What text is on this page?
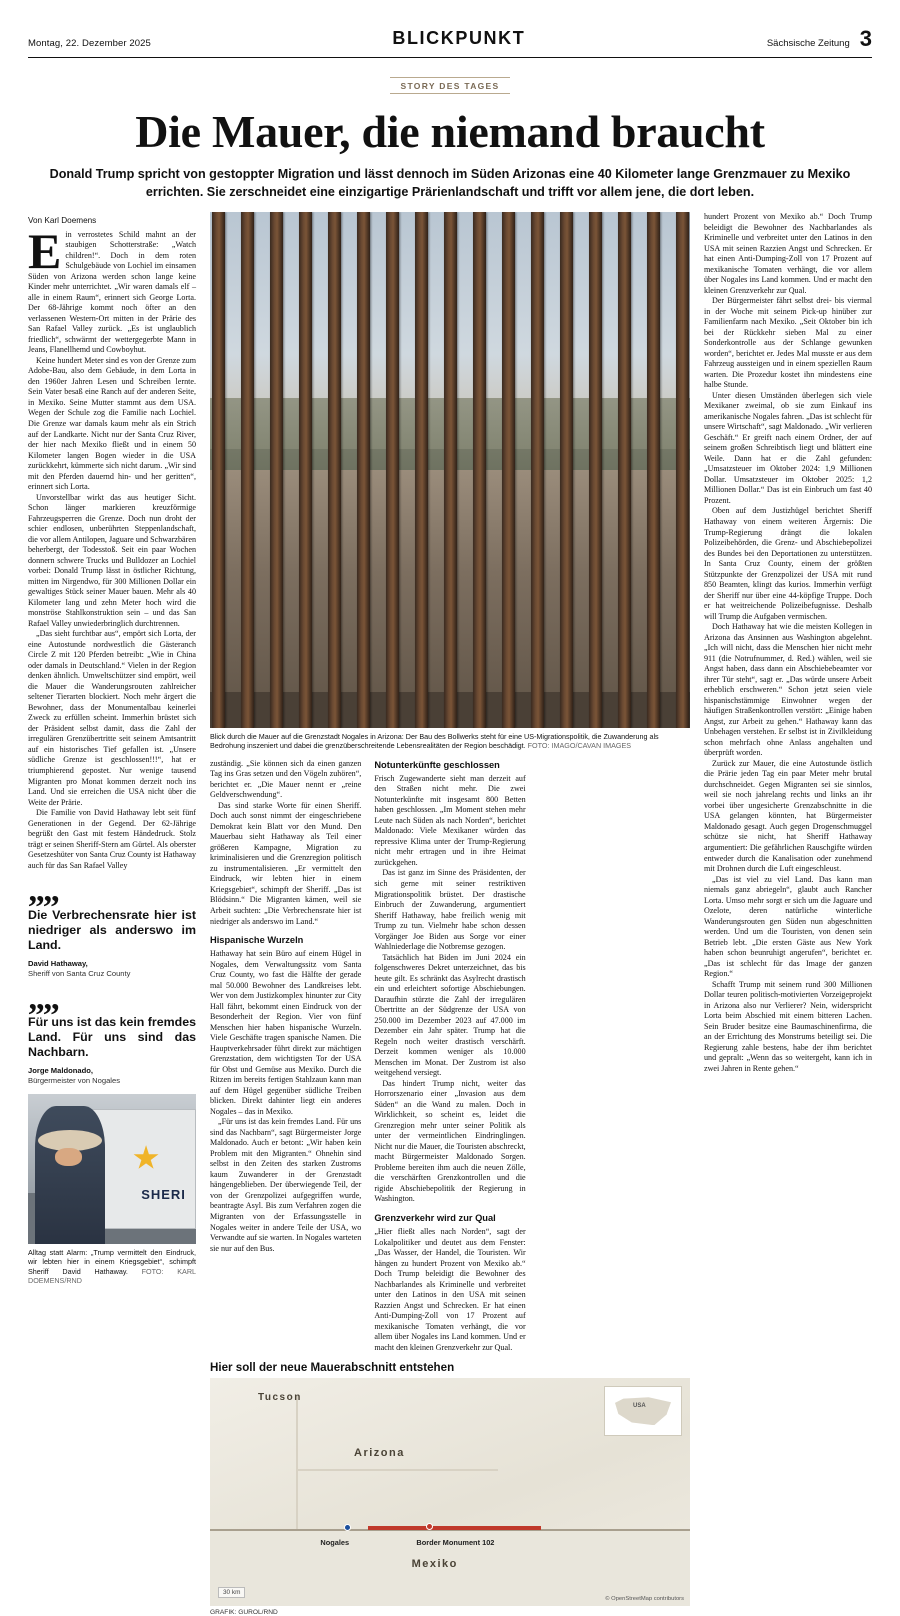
Montag, 22. Dezember 2025	BLICKPUNKT	Sächsische Zeitung 3
STORY DES TAGES
Die Mauer, die niemand braucht
Donald Trump spricht von gestoppter Migration und lässt dennoch im Süden Arizonas eine 40 Kilometer lange Grenzmauer zu Mexiko errichten. Sie zerschneidet eine einzigartige Prärienlandschaft und trifft vor allem jene, die dort leben.
Von Karl Doemens

Ein verrostetes Schild mahnt an der staubigen Schotterstraße: „Watch children!“. Doch in dem roten Schulgebäude von Lochiel im einsamen Süden von Arizona werden schon lange keine Kinder mehr unterrichtet. „Wir waren damals elf – alle in einem Raum“, erinnert sich George Lorta. Der 68-Jährige kommt noch öfter an den verlassenen Western-Ort mitten in der Prärie des San Rafael Valley zurück. „Es ist unglaublich friedlich“, schwärmt der wettergegerbte Mann in Jeans, Flanellhemd und Cowboyhut.

Keine hundert Meter sind es von der Grenze zum Adobe-Bau, also dem Gebäude, in dem Lorta in den 1960er Jahren Lesen und Schreiben lernte. Sein Vater besaß eine Ranch auf der anderen Seite, in Mexiko. Seine Mutter stammt aus dem USA. Wegen der Schule zog die Familie nach Lochiel. Die Grenze war damals kaum mehr als ein Strich auf der Landkarte. Nicht nur der Santa Cruz River, der hier nach Mexiko fließt und in einem 50 Kilometer langen Bogen wieder in die USA zurückkehrt, kümmerte sich nicht darum. „Wir sind mit den Pferden dauernd hin- und her geritten“, erinnert sich Lorta.

Unvorstellbar wirkt das aus heutiger Sicht. Schon länger markieren kreuzförmige Fahrzeugsperren die Grenze. Doch nun droht der schier endlosen, unberührten Steppenlandschaft, die vor allem Antilopen, Jaguare und Schwarzbären beherbergt, der Todesstoß. Seit ein paar Wochen donnern schwere Trucks und Bulldozer an Lochiel vorbei: Donald Trump lässt in östlicher Richtung, mitten im Nirgendwo, für 300 Millionen Dollar ein gewaltiges Stück seiner Mauer bauen. Mehr als 40 Kilometer lang und zehn Meter hoch wird die monströse Stahlkonstruktion sein – und das San Rafael Valley unwiederbringlich durchtrennen.

„Das sieht furchtbar aus“, empört sich Lorta, der eine Autostunde nordwestlich die Gästeranch Circle Z mit 120 Pferden betreibt: „Wie in China oder damals in Deutschland.“ Vielen in der Region denken ähnlich. Umweltschützer sind empört, weil die Mauer die Wanderungsrouten zahlreicher seltener Tierarten blockiert. Noch mehr ärgert die Bewohner, dass der Monumentalbau keinerlei Zweck zu erfüllen scheint. Immerhin brüstet sich der Präsident selbst damit, dass die Zahl der irregulären Grenzübertritte seit seinem Amtsantritt auf ein historisches Tief gefallen ist. „Unsere südliche Grenze ist geschlossen!!!“, hat er triumphierend gepostet. Nur wenige tausend Migranten pro Monat kommen derzeit noch ins Land. Und sie erreichen die USA nicht über die Weite der Prärie.

Die Familie von David Hathaway lebt seit fünf Generationen in der Gegend. Der 62-Jährige begrüßt den Gast mit festem Händedruck. Stolz trägt er seinen Sheriff-Stern am Gürtel. Als oberster Gesetzeshüter von Santa Cruz County ist Hathaway auch für das San Rafael Valley

„„
Die Verbrechensrate hier ist niedriger als anderswo im Land.
David Hathaway,
Sheriff von Santa Cruz County
„„
Für uns ist das kein fremdes Land. Für uns sind das Nachbarn.
Jorge Maldonado,
Bürgermeister von Nogales
SHERI
Alltag statt Alarm: „Trump vermittelt den Eindruck, wir lebten hier in einem Kriegsgebiet“, schimpft Sheriff David Hathaway. FOTO: KARL DOEMENS/RND
Blick durch die Mauer auf die Grenzstadt Nogales in Arizona: Der Bau des Bollwerks steht für eine US-Migrationspolitik, die Zuwanderung als Bedrohung inszeniert und dabei die grenzüberschreitende Lebensrealitäten der Region beschädigt. FOTO: IMAGO/CAVAN IMAGES

zuständig. „Sie können sich da einen ganzen Tag ins Gras setzen und den Vögeln zuhören“, berichtet er. „Die Mauer nennt er „reine Geldverschwendung“.

Das sind starke Worte für einen Sheriff. Doch auch sonst nimmt der eingeschriebene Demokrat kein Blatt vor den Mund. Den Mauerbau sieht Hathaway als Teil einer größeren Kampagne, Migration zu kriminalisieren und die Grenzregion politisch zu instrumentalisieren. „Er vermittelt den Eindruck, wir lebten hier in einem Kriegsgebiet“, schimpft der Sheriff. „Das ist Blödsinn.“ Die Migranten kämen, weil sie Arbeit suchten: „Die Verbrechensrate hier ist niedriger als anderswo im Land.“

Hispanische Wurzeln

Hathaway hat sein Büro auf einem Hügel in Nogales, dem Verwaltungssitz vom Santa Cruz County, wo fast die Hälfte der gerade mal 50.000 Bewohner des Landkreises lebt. Wer von dem Justizkomplex hinunter zur City Hall fährt, bekommt einen Eindruck von der Besonderheit der Region. Vier von fünf Menschen hier haben hispanische Wurzeln. Viele Geschäfte tragen spanische Namen. Die Hauptverkehrsader führt direkt zur mächtigen Grenzstation, dem wichtigsten Tor der USA für Obst und Gemüse aus Mexiko. Durch die Ritzen im bereits fertigen Stahlzaun kann man auf dem Hügel gegenüber südliche Treiben blicken. Direkt dahinter liegt ein anderes Nogales – das in Mexiko.

„Für uns ist das kein fremdes Land. Für uns sind das Nachbarn“, sagt Bürgermeister Jorge Maldonado. Auch er betont: „Wir haben kein Problem mit den Migranten.“ Ohnehin sind selbst in den Zeiten des starken Zustroms kaum Zuwanderer in der Grenzstadt hängengeblieben. Der überwiegende Teil, der von der Grenzpolizei aufgegriffen wurde, beantragte Asyl. Bis zum Verfahren zogen die Migranten von der Erfassungsstelle in Nogales weiter in andere Teile der USA, wo Verwandte auf sie warten. In Nogales warteten sie nur auf den Bus.

Notunterkünfte geschlossen

Frisch Zugewanderte sieht man derzeit auf den Straßen nicht mehr. Die zwei Notunterkünfte mit insgesamt 800 Betten haben geschlossen. „Im Moment stehen mehr Leute nach Süden als nach Norden“, berichtet Maldonado: Viele Mexikaner würden das repressive Klima unter der Trump-Regierung nicht mehr ertragen und in ihre Heimat zurückgehen.

Das ist ganz im Sinne des Präsidenten, der sich gerne mit seiner restriktiven Migrationspolitik brüstet. Der drastische Einbruch der Zuwanderung, argumentiert Sheriff Hathaway, habe freilich wenig mit Trump zu tun. Vielmehr habe schon dessen Vorgänger Joe Biden aus Sorge vor einer Wahlniederlage die Notbremse gezogen.

Tatsächlich hat Biden im Juni 2024 ein folgenschweres Dekret unterzeichnet, das bis heute gilt. Es schränkt das Asylrecht drastisch ein und erleichtert sofortige Abschiebungen. Daraufhin stürzte die Zahl der irregulären Übertritte an der Südgrenze der USA von 250.000 im Dezember 2023 auf 47.000 im Dezember ein Jahr später. Trump hat die Regeln noch weiter drastisch verschärft. Derzeit kommen weniger als 10.000 Menschen im Monat. Der Zustrom ist also weitgehend versiegt.

Das hindert Trump nicht, weiter das Horrorszenario einer „Invasion aus dem Süden“ an die Wand zu malen. Doch in Wirklichkeit, so scheint es, leidet die Grenzregion mehr unter seiner Politik als unter der vermeintlichen Eindringlingen. Nicht nur die Mauer, die Touristen abschreckt, macht Bürgermeister Maldonado Sorgen. Probleme bereiten ihm auch die neuen Zölle, die verschärften Grenzkontrollen und die rigide Abschiebepolitik der Regierung in Washington.

Grenzverkehr wird zur Qual

„Hier fließt alles nach Norden“, sagt der Lokalpolitiker und deutet aus dem Fenster: „Das Wasser, der Handel, die Touristen. Wir hängen zu hundert Prozent von Mexiko ab.“ Doch Trump beleidigt die Bewohner des Nachbarlandes als Kriminelle und verbreitet unter den Latinos in den USA mit seinen Razzien Angst und Schrecken. Er hat einen Anti-Dumping-Zoll von 17 Prozent auf mexikanische Tomaten verhängt, die vor allem über Nogales ins Land kommen. Und er macht den kleinen Grenzverkehr zur Qual.

Hier soll der neue Mauerabschnitt entstehen
Tucson
Arizona
Mexiko
Nogales	Border Monument 102
USA
30 km
© OpenStreetMap contributors
GRAFIK: GUROL/RND

hundert Prozent von Mexiko ab.“ Doch Trump beleidigt die Bewohner des Nachbarlandes als Kriminelle und verbreitet unter den Latinos in den USA mit seinen Razzien Angst und Schrecken. Er hat einen Anti-Dumping-Zoll von 17 Prozent auf mexikanische Tomaten verhängt, die vor allem über Nogales ins Land kommen. Und er macht den kleinen Grenzverkehr zur Qual.

Der Bürgermeister fährt selbst drei- bis viermal in der Woche mit seinem Pick-up hinüber zur Familienfarm nach Mexiko. „Seit Oktober bin ich bei der Rückkehr sieben Mal zu einer Sonderkontrolle aus der Schlange gewunken worden“, berichtet er. Jedes Mal musste er aus dem Fahrzeug aussteigen und in einem speziellen Raum warten. Die Prozedur kostet ihn mindestens eine halbe Stunde.

Unter diesen Umständen überlegen sich viele Mexikaner zweimal, ob sie zum Einkauf ins amerikanische Nogales fahren. „Das ist schlecht für unsere Wirtschaft“, sagt Maldonado. „Wir verlieren Geschäft.“ Er greift nach einem Ordner, der auf seinem großen Schreibtisch liegt und blättert eine Weile. Dann hat er die Zahl gefunden: „Umsatzsteuer im Oktober 2024: 1,9 Millionen Dollar. Umsatzsteuer im Oktober 2025: 1,2 Millionen Dollar.“ Das ist ein Einbruch um fast 40 Prozent.

Oben auf dem Justizhügel berichtet Sheriff Hathaway von einem weiteren Ärgernis: Die Trump-Regierung drängt die lokalen Polizeibehörden, die Grenz- und Abschiebepolizei des Bundes bei den Deportationen zu unterstützen. In Santa Cruz County, einem der größten Stützpunkte der Grenzpolizei der USA mit rund 850 Beamten, klingt das kurios. Immerhin verfügt der Sheriff nur über eine 44-köpfige Truppe. Doch er hat weitreichende Polizeibefugnisse. Deshalb will Trump die Aufgaben vermischen.

Doch Hathaway hat wie die meisten Kollegen in Arizona das Ansinnen aus Washington abgelehnt. „Ich will nicht, dass die Menschen hier nicht mehr 911 (die Notrufnummer, d. Red.) wählen, weil sie Angst haben, dass dann ein Abschiebebeamter vor ihrer Tür steht“, sagt er. „Das würde unsere Arbeit erheblich erschweren.“ Schon jetzt seien viele hispanischstämmige Einwohner wegen der häufigen Straßenkontrollen verstört: „Einige haben Angst, zur Arbeit zu gehen.“ Hathaway kann das Unbehagen verstehen. Er selbst ist in Zivilkleidung schon mehrfach ohne Anlass angehalten und überprüft worden.

Zurück zur Mauer, die eine Autostunde östlich die Prärie jeden Tag ein paar Meter mehr brutal durchschneidet. Gegen Migranten sei sie sinnlos, weil sie noch jahrelang rechts und links an ihr vorbei über ungesicherte Grenzabschnitte in die USA gelangen könnten, hat Bürgermeister Maldonado gesagt. Auch gegen Drogenschmuggel schütze sie nicht, hat Sheriff Hathaway argumentiert: Die gefährlichen Rauschgifte würden entweder durch die Kanalisation oder zunehmend mit Drohnen durch die Luft eingeschleust.

„Das ist viel zu viel Land. Das kann man niemals ganz abriegeln“, glaubt auch Rancher Lorta. Umso mehr sorgt er sich um die Jaguare und Ozelote, deren natürliche winterliche Wanderungsrouten gen Süden nun abgeschnitten werden. Und um die Touristen, von denen sein Betrieb lebt. „Die ersten Gäste aus New York haben schon beunruhigt angerufen“, berichtet er. „Das ist schlecht für das Image der ganzen Region.“

Schafft Trump mit seinem rund 300 Millionen Dollar teuren politisch-motivierten Vorzeigeprojekt in Arizona also nur Verlierer? Nein, widerspricht Lorta beim Abschied mit einem bitteren Lachen. Sein Bruder besitze eine Baumaschinenfirma, die an der Errichtung des Monstrums beteiligt sei. Die Regierung zahle bestens, habe der ihm berichtet und gepralt: „Wenn das so weitergeht, kann ich in zwei Jahren in Rente gehen.“
